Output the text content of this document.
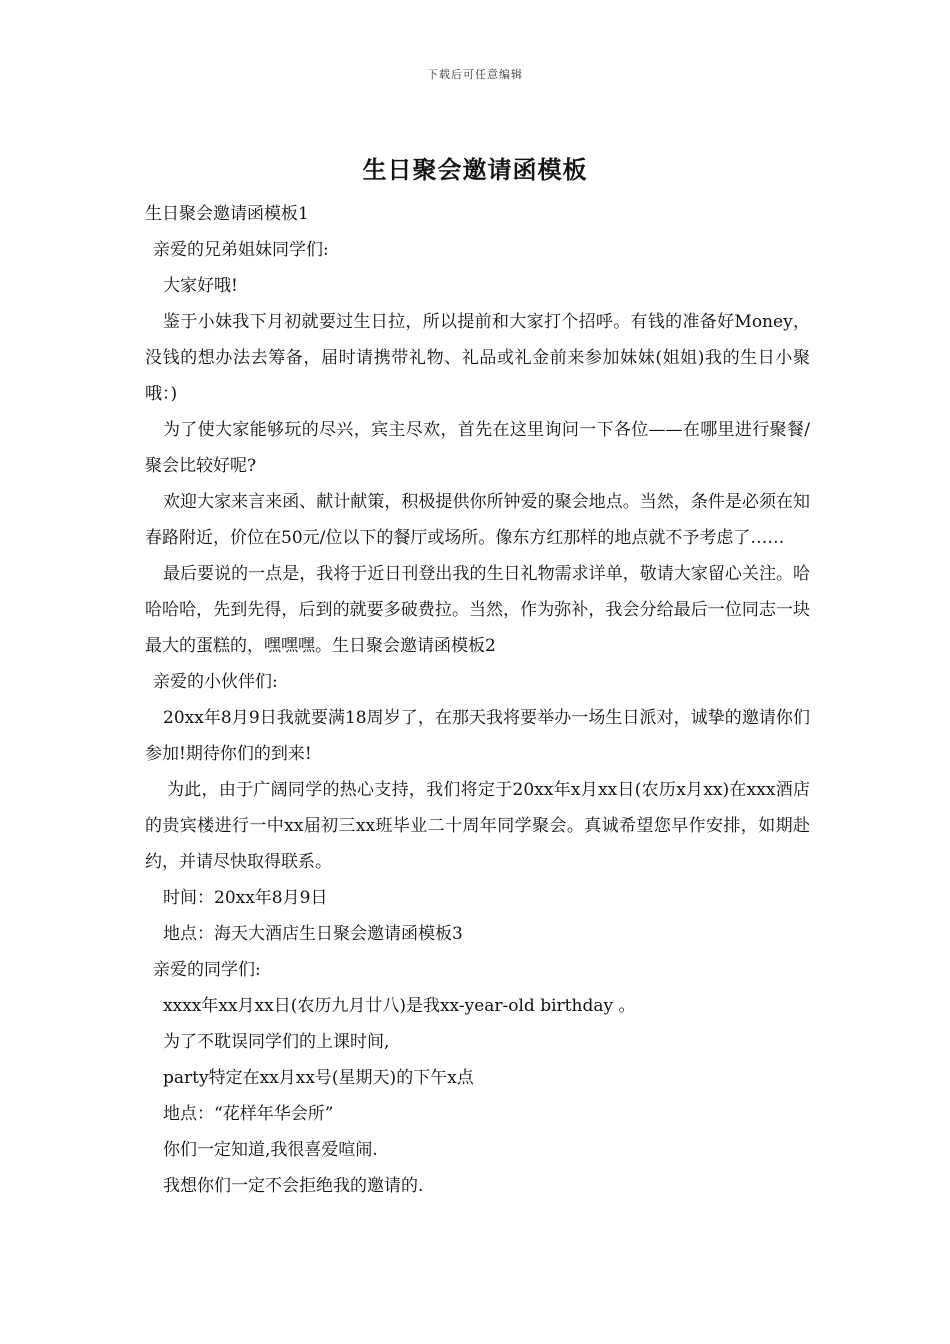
下载后可任意编辑
生日聚会邀请函模板

生日聚会邀请函模板1

亲爱的兄弟姐妹同学们:

大家好哦!

鉴于小妹我下月初就要过生日拉，所以提前和大家打个招呼。有钱的准备好Money，没钱的想办法去筹备，届时请携带礼物、礼品或礼金前来参加妹妹(姐姐)我的生日小聚哦：)

为了使大家能够玩的尽兴，宾主尽欢，首先在这里询问一下各位——在哪里进行聚餐/聚会比较好呢?

欢迎大家来言来函、献计献策，积极提供你所钟爱的聚会地点。当然，条件是必须在知春路附近，价位在50元/位以下的餐厅或场所。像东方红那样的地点就不予考虑了……

最后要说的一点是，我将于近日刊登出我的生日礼物需求详单，敬请大家留心关注。哈哈哈哈，先到先得，后到的就要多破费拉。当然，作为弥补，我会分给最后一位同志一块最大的蛋糕的，嘿嘿嘿。生日聚会邀请函模板2

亲爱的小伙伴们:

20xx年8月9日我就要满18周岁了，在那天我将要举办一场生日派对，诚挚的邀请你们参加!期待你们的到来!

为此，由于广阔同学的热心支持，我们将定于20xx年x月xx日(农历x月xx)在xxx酒店的贵宾楼进行一中xx届初三xx班毕业二十周年同学聚会。真诚希望您早作安排，如期赴约，并请尽快取得联系。

时间：20xx年8月9日

地点：海天大酒店生日聚会邀请函模板3

亲爱的同学们:

xxxx年xx月xx日(农历九月廿八)是我xx-year-old birthday 。

为了不耽误同学们的上课时间,

party特定在xx月xx号(星期天)的下午x点

地点：“花样年华会所”

你们一定知道,我很喜爱喧闹.

我想你们一定不会拒绝我的邀请的.
